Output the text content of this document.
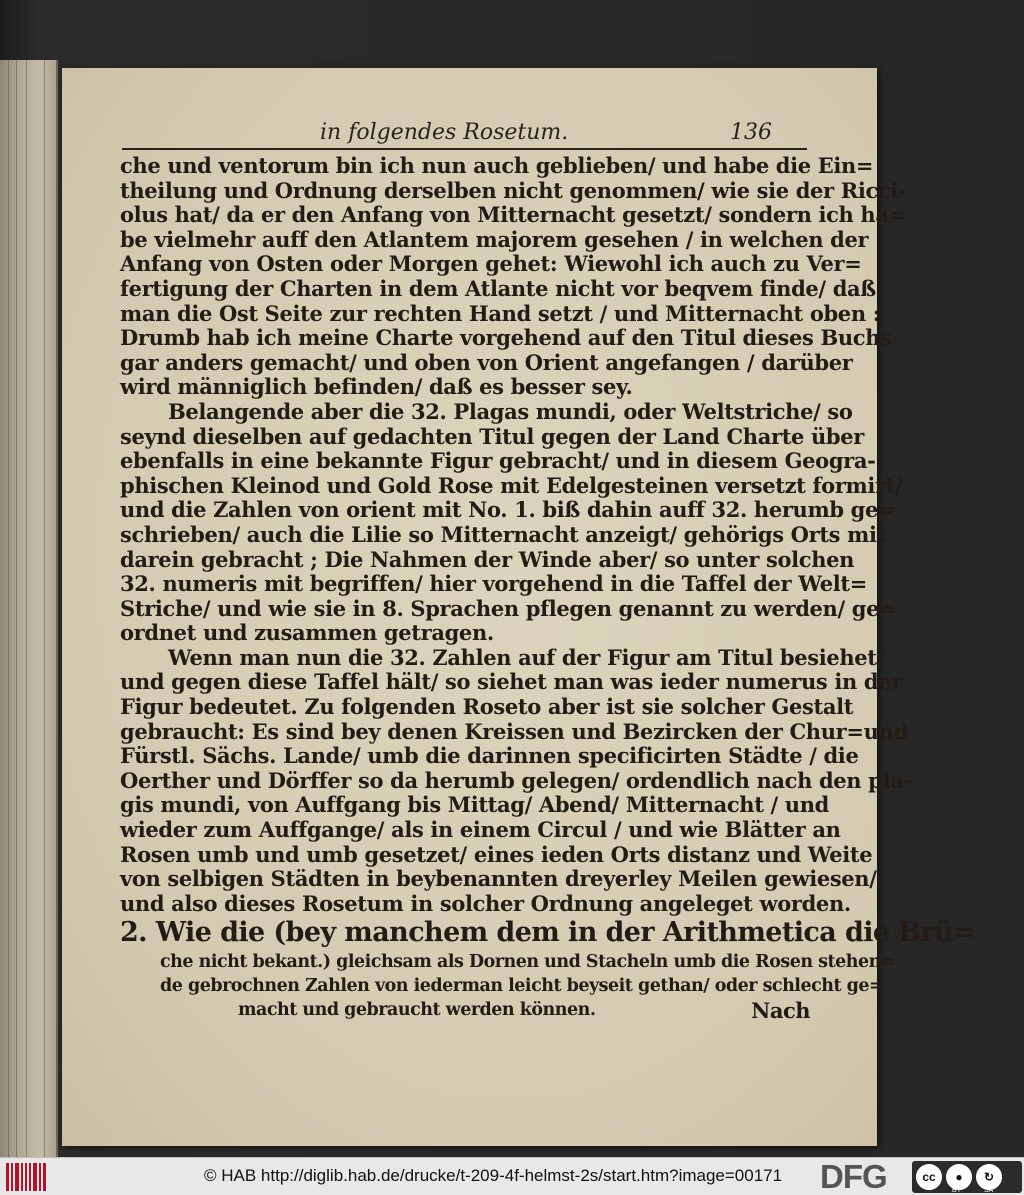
in folgendes Rosetum.	136
che und ventorum bin ich nun auch geblieben/ und habe die Ein=
theilung und Ordnung derselben nicht genommen/ wie sie der Ricci-
olus hat/ da er den Anfang von Mitternacht gesetzt/ sondern ich ha=
be vielmehr auff den Atlantem majorem gesehen / in welchen der
Anfang von Osten oder Morgen gehet: Wiewohl ich auch zu Ver=
fertigung der Charten in dem Atlante nicht vor beqvem finde/ daß
man die Ost Seite zur rechten Hand setzt / und Mitternacht oben :
Drumb hab ich meine Charte vorgehend auf den Titul dieses Buchs
gar anders gemacht/ und oben von Orient angefangen / darüber
wird männiglich befinden/ daß es besser sey.
Belangende aber die 32. Plagas mundi, oder Weltstriche/ so
seynd dieselben auf gedachten Titul gegen der Land Charte über
ebenfalls in eine bekannte Figur gebracht/ und in diesem Geogra-
phischen Kleinod und Gold Rose mit Edelgesteinen versetzt formirt/
und die Zahlen von orient mit No. 1. biß dahin auff 32. herumb ge=
schrieben/ auch die Lilie so Mitternacht anzeigt/ gehörigs Orts mit
darein gebracht ; Die Nahmen der Winde aber/ so unter solchen
32. numeris mit begriffen/ hier vorgehend in die Taffel der Welt=
Striche/ und wie sie in 8. Sprachen pflegen genannt zu werden/ ge=
ordnet und zusammen getragen.
Wenn man nun die 32. Zahlen auf der Figur am Titul besiehet/
und gegen diese Taffel hält/ so siehet man was ieder numerus in der
Figur bedeutet. Zu folgenden Roseto aber ist sie solcher Gestalt
gebraucht: Es sind bey denen Kreissen und Bezircken der Chur=und
Fürstl. Sächs. Lande/ umb die darinnen specificirten Städte / die
Oerther und Dörffer so da herumb gelegen/ ordendlich nach den pla-
gis mundi, von Auffgang bis Mittag/ Abend/ Mitternacht / und
wieder zum Auffgange/ als in einem Circul / und wie Blätter an
Rosen umb und umb gesetzet/ eines ieden Orts distanz und Weite
von selbigen Städten in beybenannten dreyerley Meilen gewiesen/
und also dieses Rosetum in solcher Ordnung angeleget worden.
2. Wie die (bey manchem dem in der Arithmetica die Brü=
che nicht bekant.) gleichsam als Dornen und Stacheln umb die Rosen stehen=
de gebrochnen Zahlen von iederman leicht beyseit gethan/ oder schlecht ge=
macht und gebraucht werden können.	Nach
© HAB http://diglib.hab.de/drucke/t-209-4f-helmst-2s/start.htm?image=00171 DFG	cc	●	↻
BY	SA
